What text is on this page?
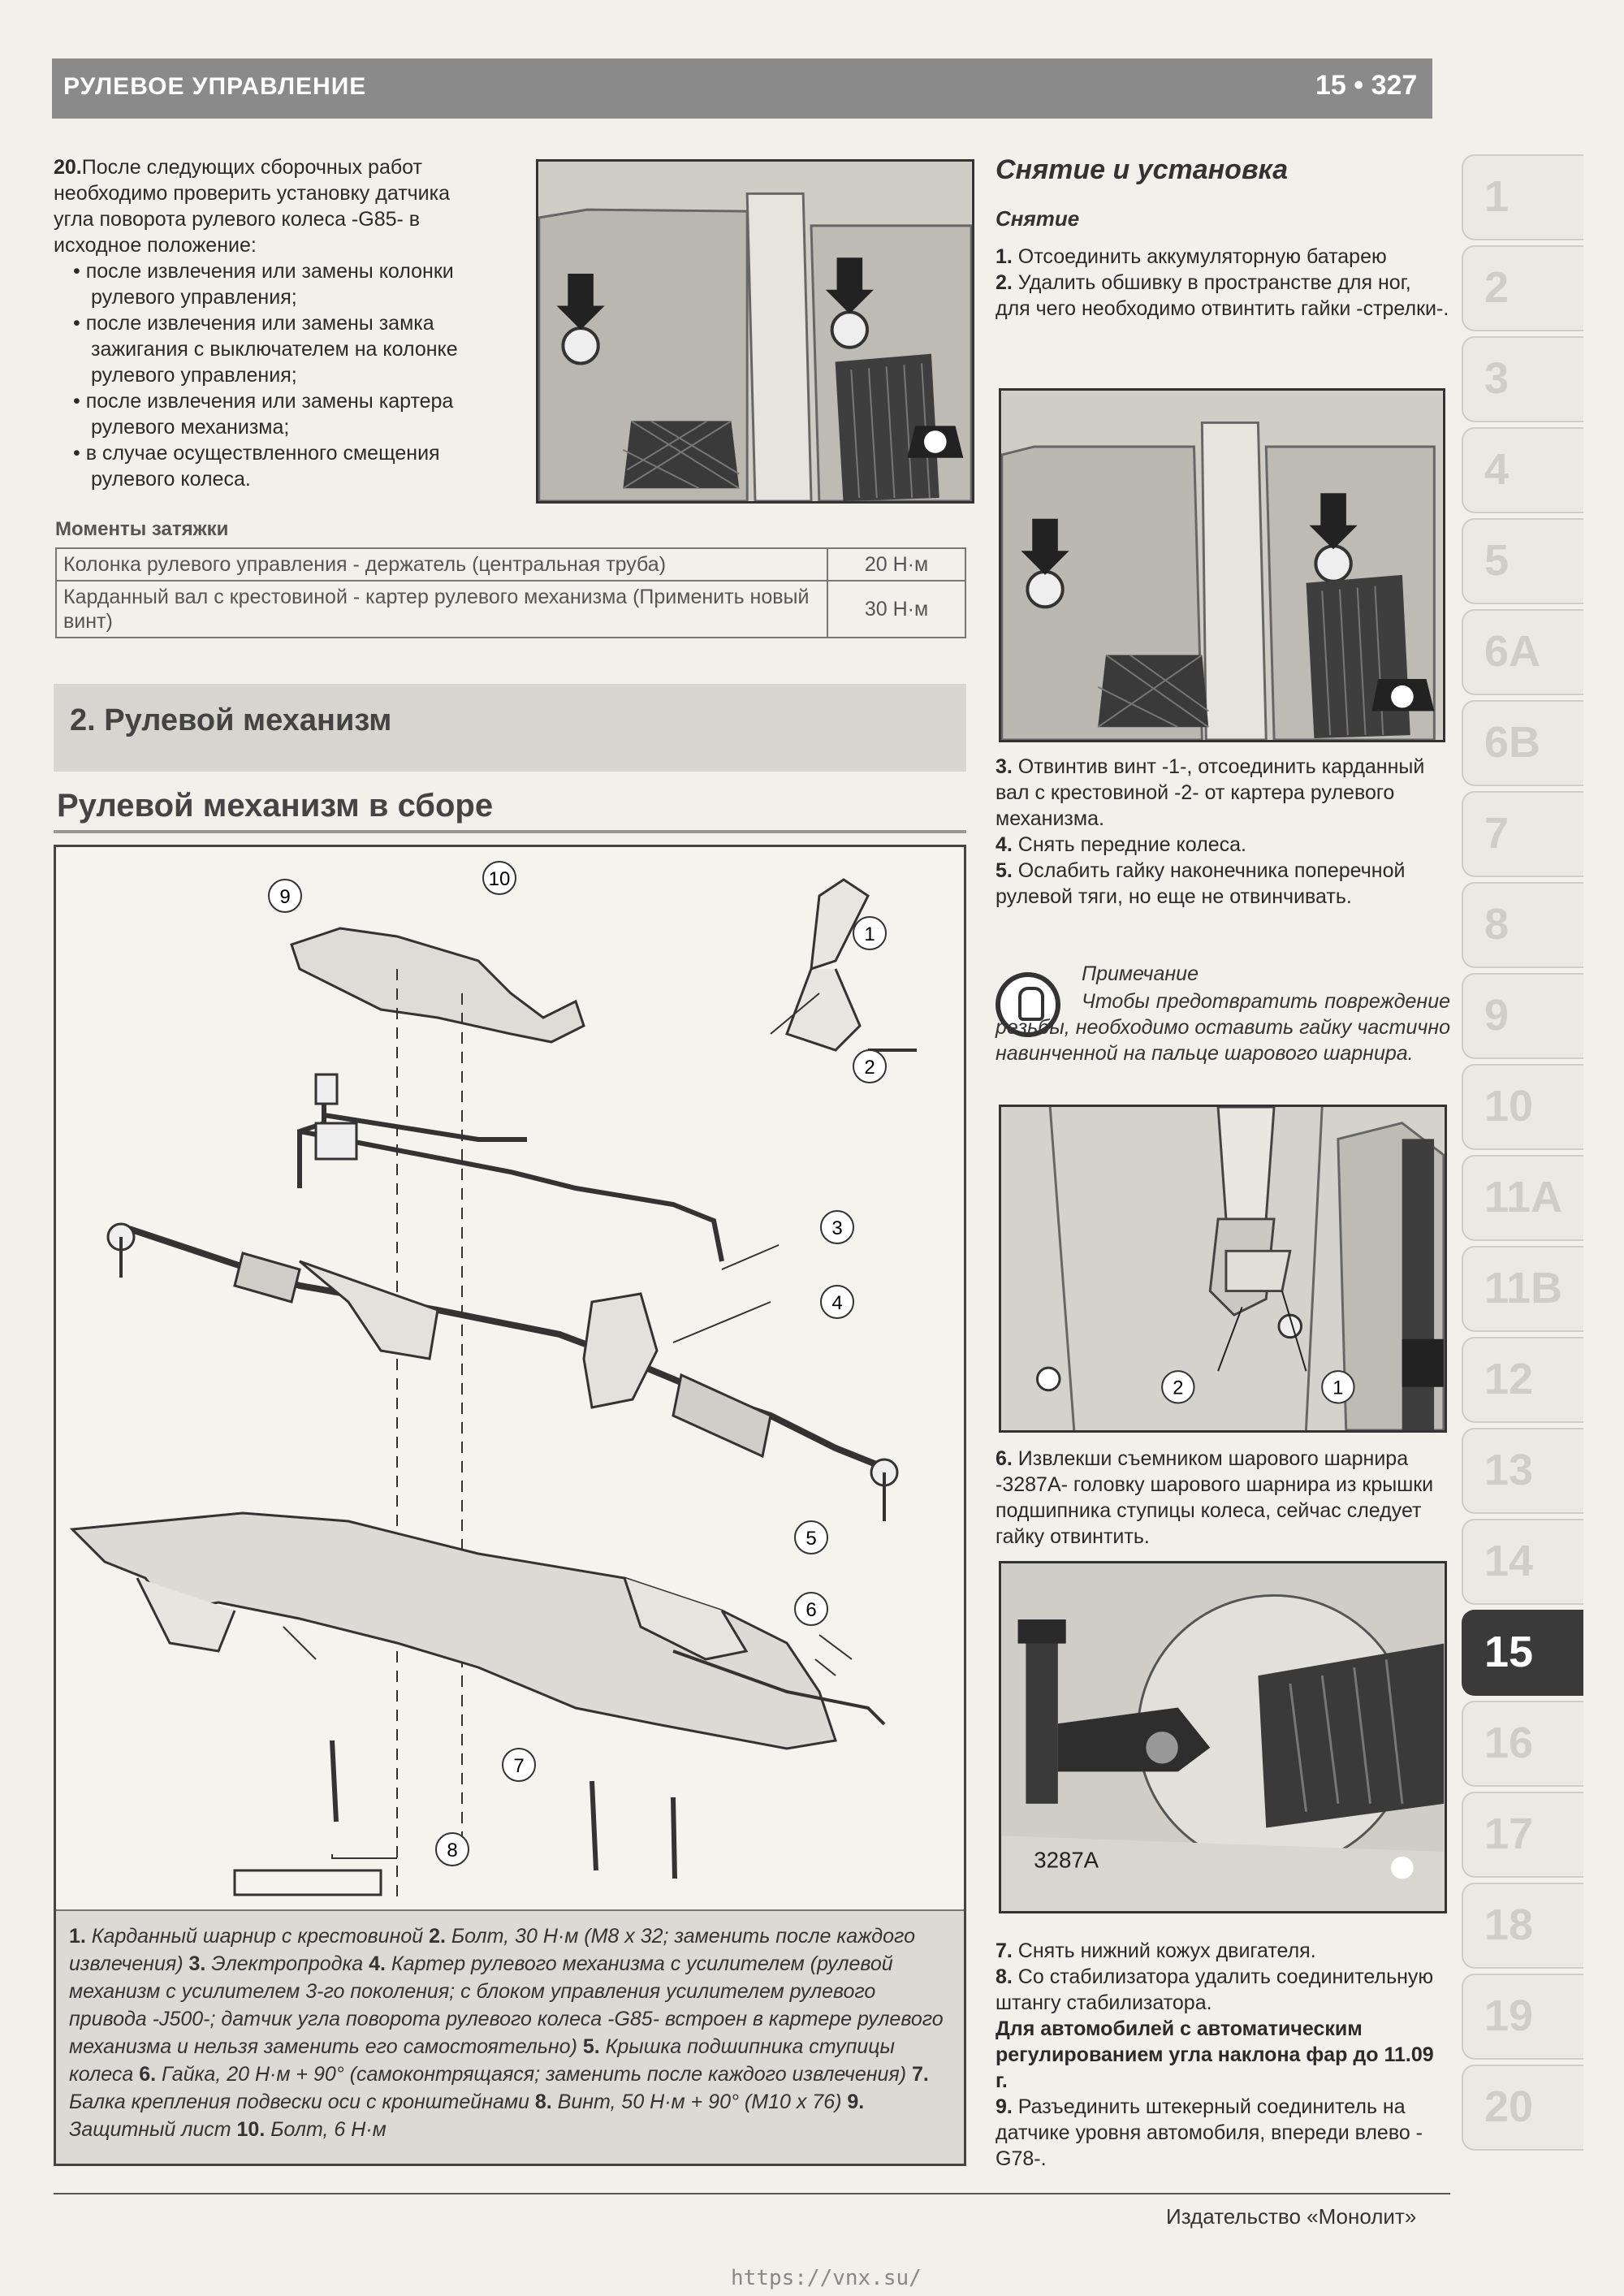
РУЛЕВОЕ УПРАВЛЕНИЕ	15 • 327

20.После следующих сборочных работ необходимо проверить установку датчика угла поворота рулевого колеса -G85- в исходное положение:

• после извлечения или замены колонки рулевого управления;

• после извлечения или замены замка зажигания с выключателем на колонке рулевого управления;

• после извлечения или замены картера рулевого механизма;

• в случае осуществленного смещения рулевого колеса.

Моменты затяжки
Колонка рулевого управления - держатель (центральная труба)	20 Н·м
Карданный вал с крестовиной - картер рулевого механизма (Применить новый винт)	30 Н·м
2. Рулевой механизм
Рулевой механизм в сборе
1
2
3
4
5
6
7
8
9
10
1. Карданный шарнир с крестовиной 2. Болт, 30 Н·м (М8 х 32; заменить после каждого извлечения) 3. Электропродка 4. Картер рулевого механизма с усилителем (рулевой механизм с усилителем 3-го поколения; с блоком управления усилителем рулевого привода -J500-; датчик угла поворота рулевого колеса -G85- встроен в картере рулевого механизма и нельзя заменить его самостоятельно) 5. Крышка подшипника ступицы колеса 6. Гайка, 20 Н·м + 90° (самоконтрящаяся; заменить после каждого извлечения) 7. Балка крепления подвески оси с кронштейнами 8. Винт, 50 Н·м + 90° (М10 х 76) 9. Защитный лист 10. Болт, 6 Н·м
Снятие и установка
Снятие

1. Отсоединить аккумуляторную батарею

2. Удалить обшивку в пространстве для ног, для чего необходимо отвинтить гайки -стрелки-.

3. Отвинтив винт -1-, отсоединить карданный вал с крестовиной -2- от картера рулевого механизма.

4. Снять передние колеса.

5. Ослабить гайку наконечника поперечной рулевой тяги, но еще не отвинчивать.

Примечание
Чтобы предотвратить повреждение резьбы, необходимо оставить гайку частично навинченной на пальце шарового шарнира.
1
2

6. Извлекши съемником шарового шарнира -3287A- головку шарового шарнира из крышки подшипника ступицы колеса, сейчас следует гайку отвинтить.

3287A

7. Снять нижний кожух двигателя.

8. Со стабилизатора удалить соединительную штангу стабилизатора.

Для автомобилей с автоматическим регулированием угла наклона фар до 11.09 г.

9. Разъединить штекерный соединитель на датчике уровня автомобиля, впереди влево -G78-.

1
2
3
4
5
6A
6B
7
8
9
10
11A
11B
12
13
14
15
16
17
18
19
20
Издательство «Монолит»
https://vnx.su/
